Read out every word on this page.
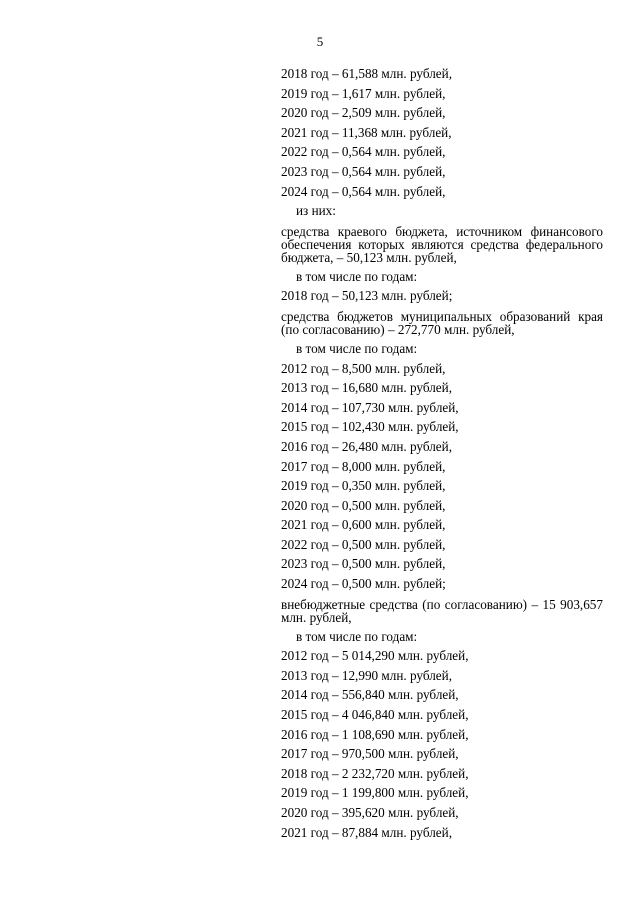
5
2018 год – 61,588 млн. рублей,
2019 год – 1,617 млн. рублей,
2020 год – 2,509 млн. рублей,
2021 год – 11,368 млн. рублей,
2022 год – 0,564 млн. рублей,
2023 год – 0,564 млн. рублей,
2024 год – 0,564 млн. рублей,
из них:
средства краевого бюджета, источником финансового обеспечения которых являются средства федерального бюджета, – 50,123 млн. рублей,
в том числе по годам:
2018 год – 50,123 млн. рублей;
средства бюджетов муниципальных образований края (по согласованию) – 272,770 млн. рублей,
в том числе по годам:
2012 год – 8,500 млн. рублей,
2013 год – 16,680 млн. рублей,
2014 год – 107,730 млн. рублей,
2015 год – 102,430 млн. рублей,
2016 год – 26,480 млн. рублей,
2017 год – 8,000 млн. рублей,
2019 год – 0,350 млн. рублей,
2020 год – 0,500 млн. рублей,
2021 год – 0,600 млн. рублей,
2022 год – 0,500 млн. рублей,
2023 год – 0,500 млн. рублей,
2024 год – 0,500 млн. рублей;
внебюджетные средства (по согласованию) – 15 903,657 млн. рублей,
в том числе по годам:
2012 год – 5 014,290 млн. рублей,
2013 год – 12,990 млн. рублей,
2014 год – 556,840 млн. рублей,
2015 год – 4 046,840 млн. рублей,
2016 год – 1 108,690 млн. рублей,
2017 год – 970,500 млн. рублей,
2018 год – 2 232,720 млн. рублей,
2019 год – 1 199,800 млн. рублей,
2020 год – 395,620 млн. рублей,
2021 год – 87,884 млн. рублей,
